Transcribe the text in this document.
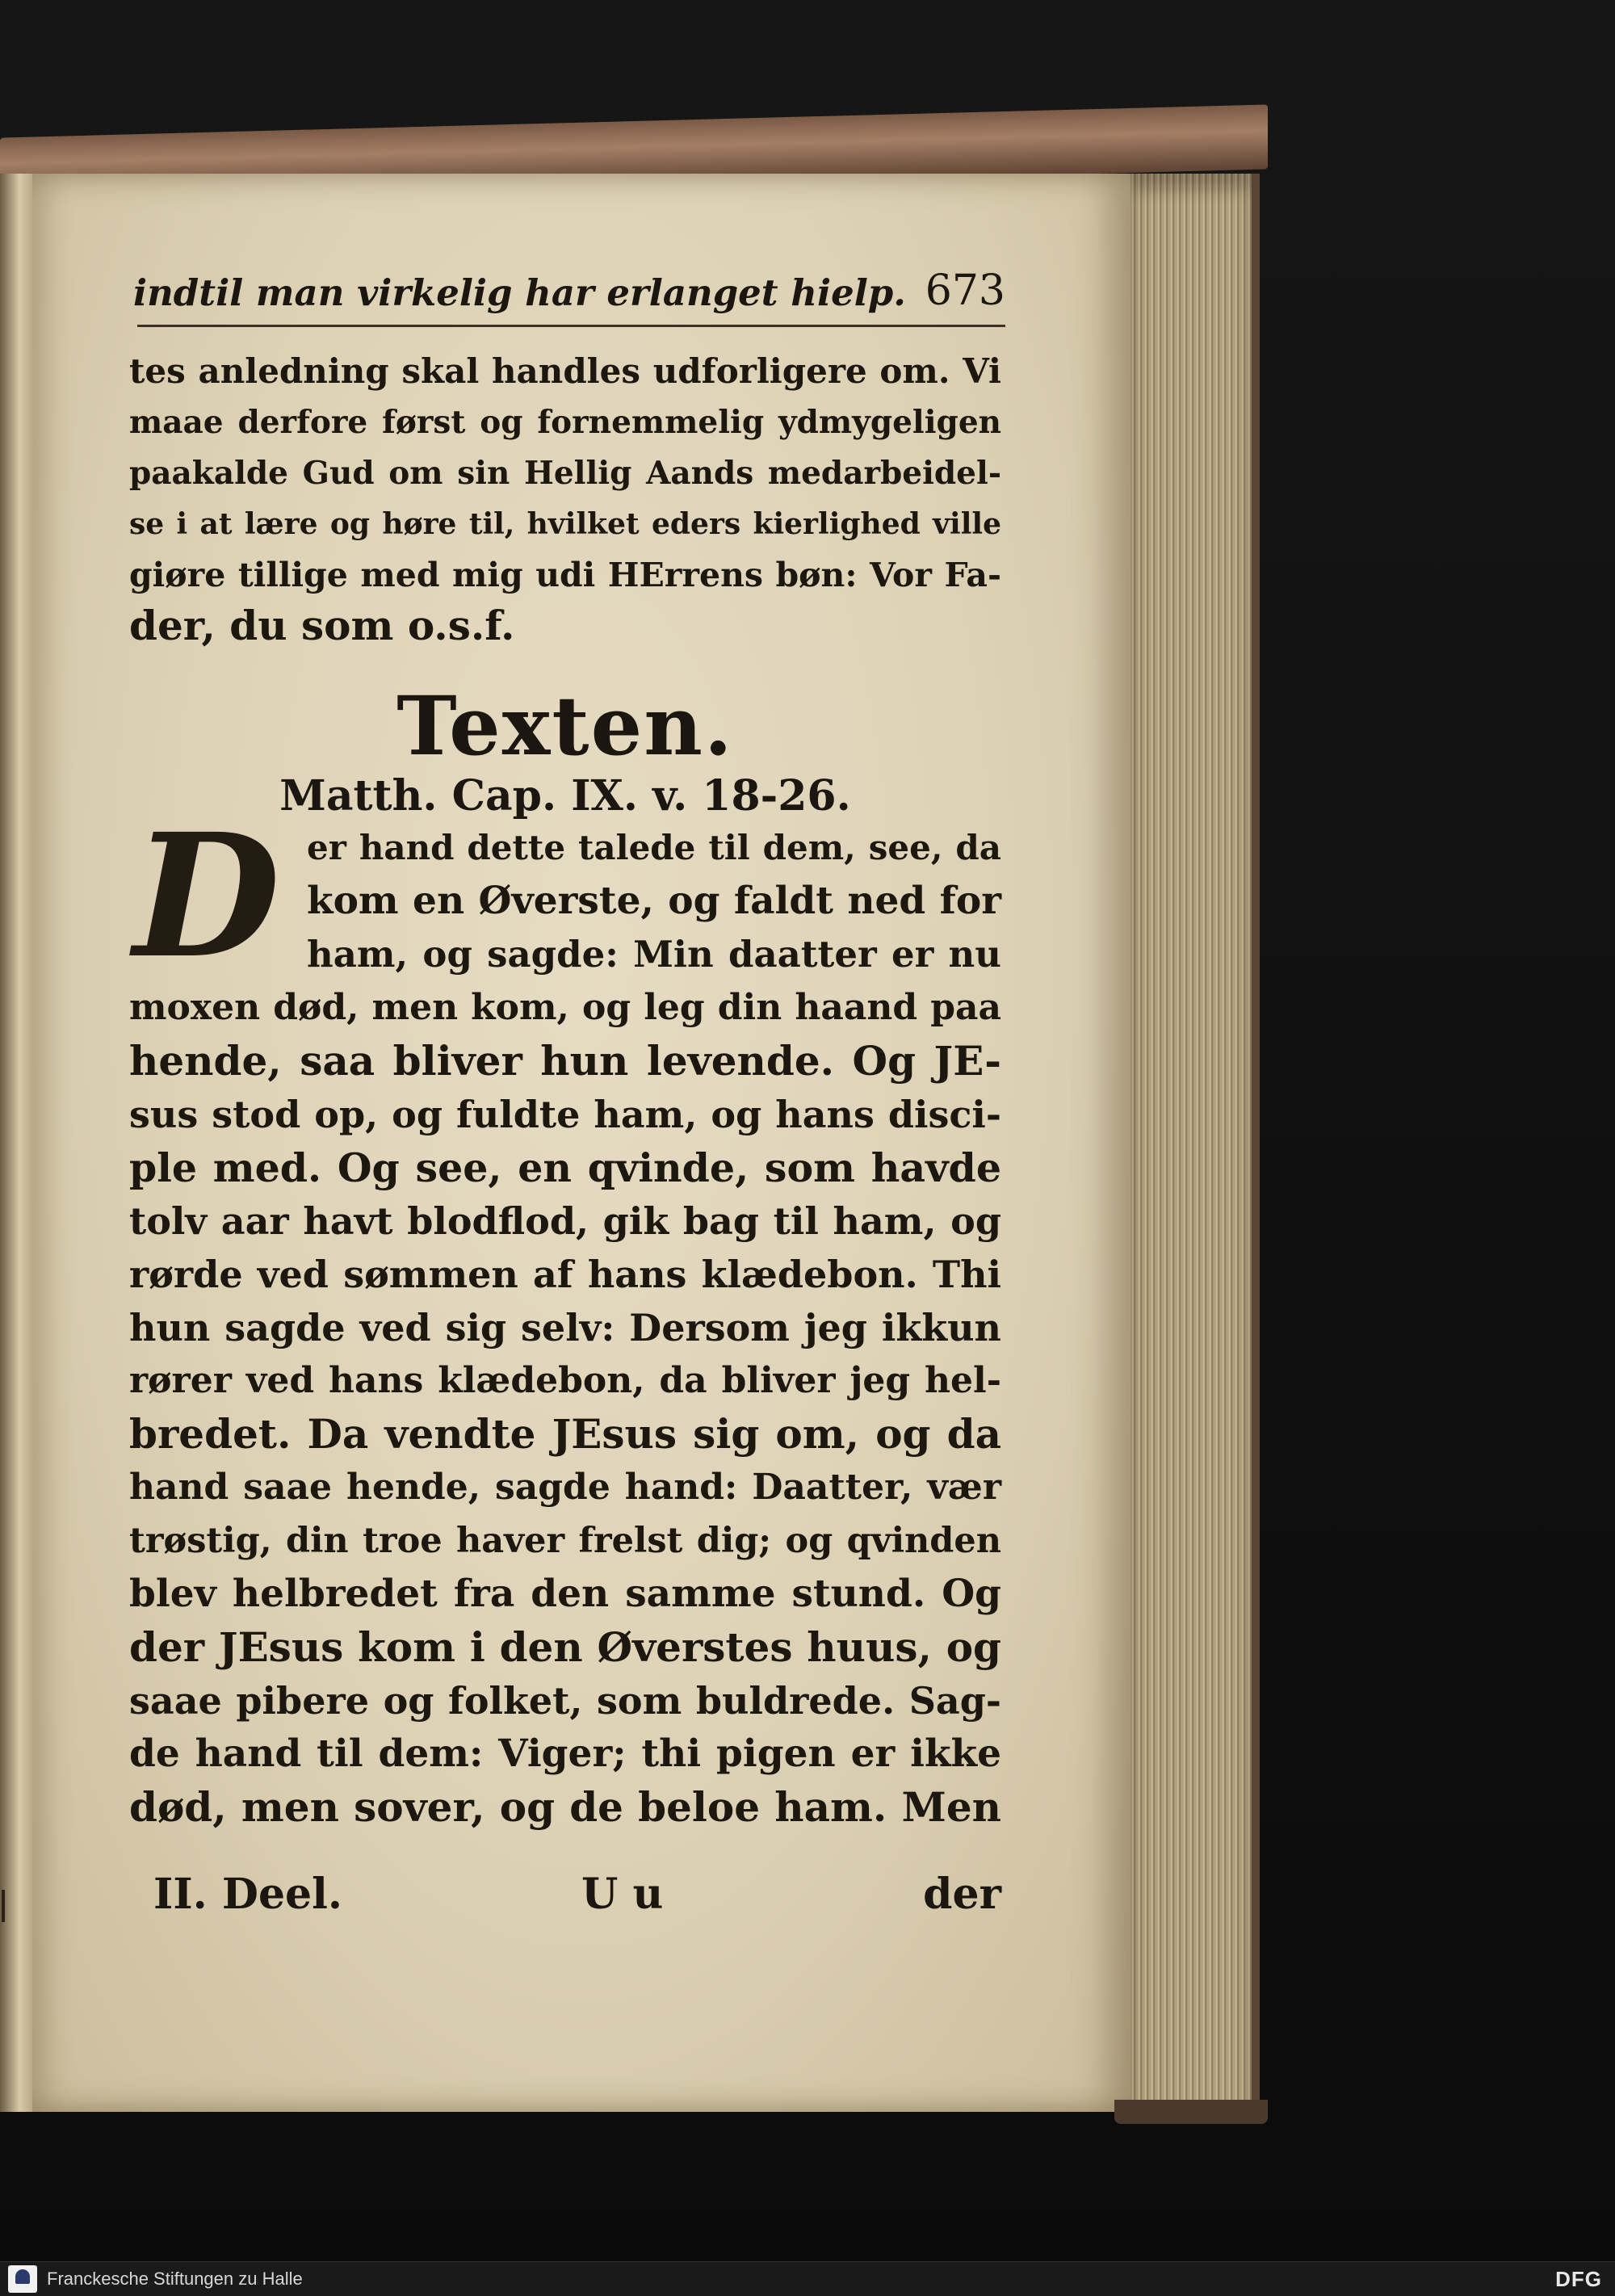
indtil man virkelig har erlanget hielp. 673
tes anledning skal handles udforligere om. Vi
maae derfore først og fornemmelig ydmygeligen
paakalde Gud om sin Hellig Aands medarbeidel-
se i at lære og høre til, hvilket eders kierlighed ville
giøre tillige med mig udi HErrens bøn: Vor Fa-
der, du som o.s.f.
Texten.
Matth. Cap. IX. v. 18-26.
D er hand dette talede til dem, see, da
kom en Øverste, og faldt ned for
ham, og sagde: Min daatter er nu
moxen død, men kom, og leg din haand paa
hende, saa bliver hun levende. Og JE-
sus stod op, og fuldte ham, og hans disci-
ple med. Og see, en qvinde, som havde
tolv aar havt blodflod, gik bag til ham, og
rørde ved sømmen af hans klædebon. Thi
hun sagde ved sig selv: Dersom jeg ikkun
rører ved hans klædebon, da bliver jeg hel-
bredet. Da vendte JEsus sig om, og da
hand saae hende, sagde hand: Daatter, vær
trøstig, din troe haver frelst dig; og qvinden
blev helbredet fra den samme stund. Og
der JEsus kom i den Øverstes huus, og
saae pibere og folket, som buldrede. Sag-
de hand til dem: Viger; thi pigen er ikke
død, men sover, og de beloe ham. Men
II. Deel.	U u	der
Franckesche Stiftungen zu Halle	DFG
